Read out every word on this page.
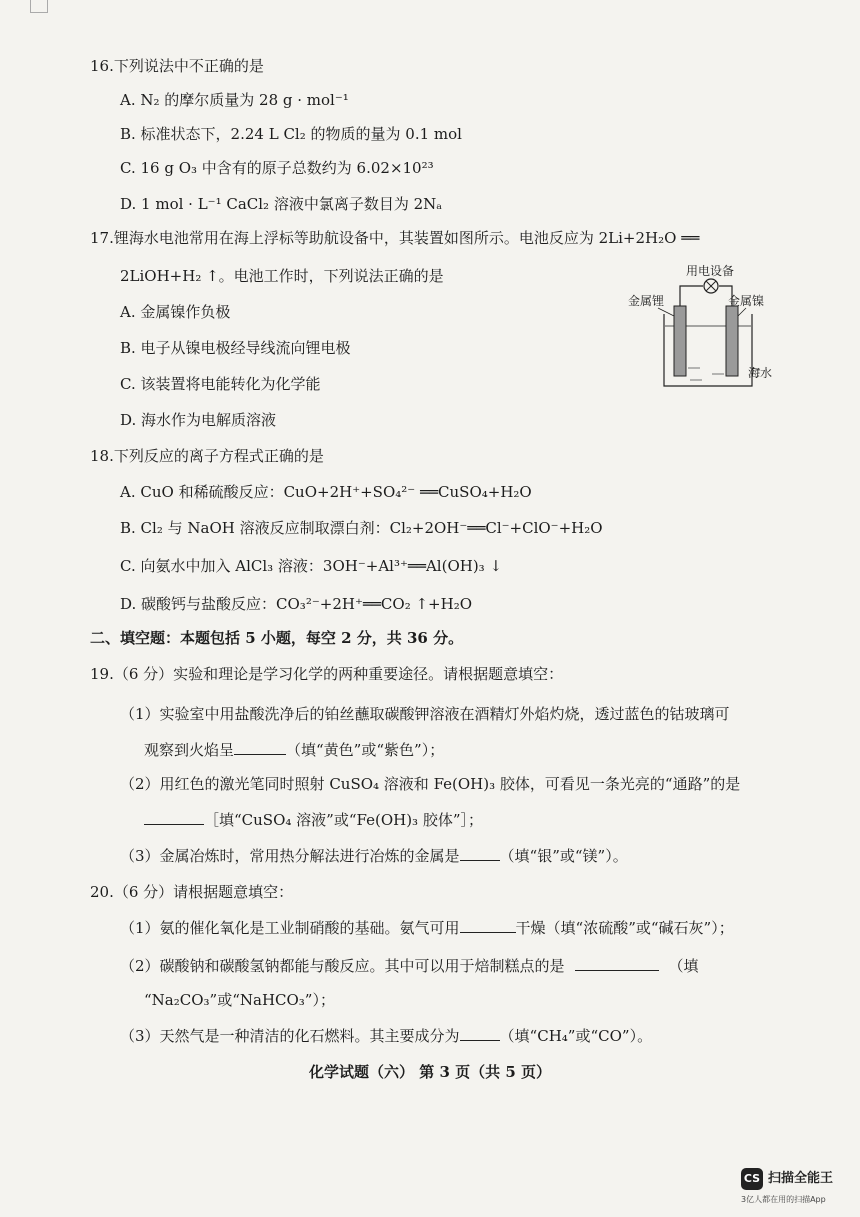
16.下列说法中不正确的是
A. N₂ 的摩尔质量为 28 g · mol⁻¹
B. 标准状态下，2.24 L Cl₂ 的物质的量为 0.1 mol
C. 16 g O₃ 中含有的原子总数约为 6.02×10²³
D. 1 mol · L⁻¹ CaCl₂ 溶液中氯离子数目为 2Nₐ
17.锂海水电池常用在海上浮标等助航设备中，其装置如图所示。电池反应为 2Li+2H₂O ══
2LiOH+H₂ ↑。电池工作时，下列说法正确的是
A. 金属镍作负极
B. 电子从镍电极经导线流向锂电极
C. 该装置将电能转化为化学能
D. 海水作为电解质溶液
用电设备
金属锂	金属镍
海水
18.下列反应的离子方程式正确的是
A. CuO 和稀硫酸反应：CuO+2H⁺+SO₄²⁻ ══CuSO₄+H₂O
B. Cl₂ 与 NaOH 溶液反应制取漂白剂：Cl₂+2OH⁻══Cl⁻+ClO⁻+H₂O
C. 向氨水中加入 AlCl₃ 溶液：3OH⁻+Al³⁺══Al(OH)₃ ↓
D. 碳酸钙与盐酸反应：CO₃²⁻+2H⁺══CO₂ ↑+H₂O
二、填空题：本题包括 5 小题，每空 2 分，共 36 分。
19.（6 分）实验和理论是学习化学的两种重要途径。请根据题意填空：
（1）实验室中用盐酸洗净后的铂丝蘸取碳酸钾溶液在酒精灯外焰灼烧，透过蓝色的钴玻璃可
观察到火焰呈	（填“黄色”或“紫色”）；
（2）用红色的激光笔同时照射 CuSO₄ 溶液和 Fe(OH)₃ 胶体，可看见一条光亮的“通路”的是
［填“CuSO₄ 溶液”或“Fe(OH)₃ 胶体”］；
（3）金属冶炼时，常用热分解法进行冶炼的金属是	（填“银”或“镁”）。
20.（6 分）请根据题意填空：
（1）氨的催化氧化是工业制硝酸的基础。氨气可用	干燥（填“浓硫酸”或“碱石灰”）；
（2）碳酸钠和碳酸氢钠都能与酸反应。其中可以用于焙制糕点的是	（填
“Na₂CO₃”或“NaHCO₃”）；
（3）天然气是一种清洁的化石燃料。其主要成分为	（填“CH₄”或“CO”）。
化学试题（六） 第 3 页（共 5 页）
CS 扫描全能王
3亿人都在用的扫描App
